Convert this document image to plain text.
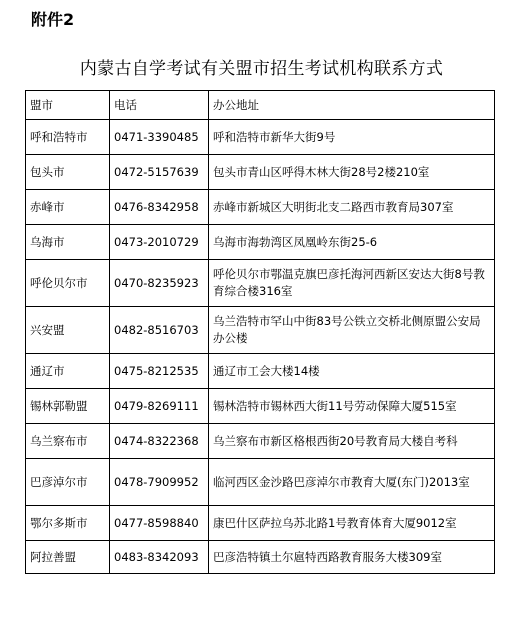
附件2
内蒙古自学考试有关盟市招生考试机构联系方式
盟市	电话	办公地址
呼和浩特市	0471-3390485	呼和浩特市新华大街9号
包头市	0472-5157639	包头市青山区呼得木林大街28号2楼210室
赤峰市	0476-8342958	赤峰市新城区大明街北支二路西市教育局307室
乌海市	0473-2010729	乌海市海勃湾区凤凰岭东街25-6
呼伦贝尔市	0470-8235923	呼伦贝尔市鄂温克旗巴彦托海河西新区安达大街8号教育综合楼316室
兴安盟	0482-8516703	乌兰浩特市罕山中街83号公铁立交桥北侧原盟公安局办公楼
通辽市	0475-8212535	通辽市工会大楼14楼
锡林郭勒盟	0479-8269111	锡林浩特市锡林西大街11号劳动保障大厦515室
乌兰察布市	0474-8322368	乌兰察布市新区格根西街20号教育局大楼自考科
巴彦淖尔市	0478-7909952	临河西区金沙路巴彦淖尔市教育大厦(东门)2013室
鄂尔多斯市	0477-8598840	康巴什区萨拉乌苏北路1号教育体育大厦9012室
阿拉善盟	0483-8342093	巴彦浩特镇土尔扈特西路教育服务大楼309室
